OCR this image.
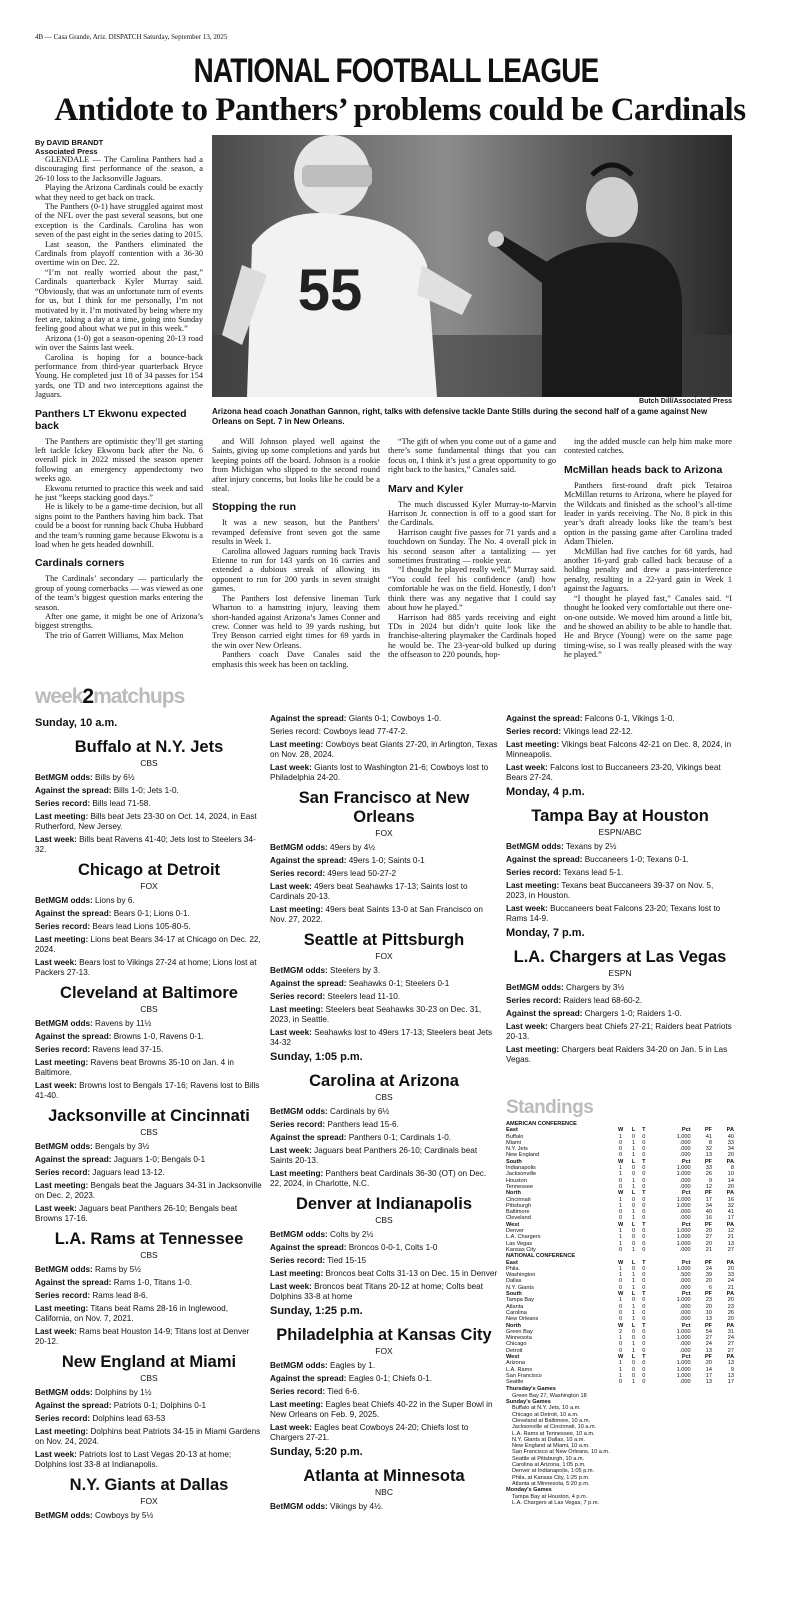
4B — Casa Grande, Ariz. DISPATCH Saturday, September 13, 2025
NATIONAL FOOTBALL LEAGUE
Antidote to Panthers’ problems could be Cardinals
By DAVID BRANDT
Associated Press

GLENDALE — The Carolina Panthers had a discouraging first performance of the season, a 26-10 loss to the Jacksonville Jaguars.

Playing the Arizona Cardinals could be exactly what they need to get back on track.

The Panthers (0-1) have struggled against most of the NFL over the past several seasons, but one exception is the Cardinals. Carolina has won seven of the past eight in the series dating to 2015.

Last season, the Panthers eliminated the Cardinals from playoff contention with a 36-30 overtime win on Dec. 22.

“I’m not really worried about the past,” Cardinals quarterback Kyler Murray said. “Obviously, that was an unfortunate turn of events for us, but I think for me personally, I’m not motivated by it. I’m motivated by being where my feet are, taking a day at a time, going into Sunday feeling good about what we put in this week.”

Arizona (1-0) got a season-opening 20-13 road win over the Saints last week.

Carolina is hoping for a bounce-back performance from third-year quarterback Bryce Young. He completed just 18 of 34 passes for 154 yards, one TD and two interceptions against the Jaguars.

Panthers LT Ekwonu expected back

The Panthers are optimistic they’ll get starting left tackle Ickey Ekwonu back after the No. 6 overall pick in 2022 missed the season opener following an emergency appendectomy two weeks ago.

Ekwonu returned to practice this week and said he just “keeps stacking good days.”

He is likely to be a game-time decision, but all signs point to the Panthers having him back. That could be a boost for running back Chuba Hubbard and the team’s running game because Ekwonu is a load when he gets headed downhill.

Cardinals corners

The Cardinals’ secondary — particularly the group of young cornerbacks — was viewed as one of the team’s biggest question marks entering the season.

After one game, it might be one of Arizona’s biggest strengths.

The trio of Garrett Williams, Max Melton

and Will Johnson played well against the Saints, giving up some completions and yards but keeping points off the board. Johnson is a rookie from Michigan who slipped to the second round after injury concerns, but looks like he could be a steal.

Stopping the run

It was a new season, but the Panthers’ revamped defensive front seven got the same results in Week 1.

Carolina allowed Jaguars running back Travis Etienne to run for 143 yards on 16 carries and extended a dubious streak of allowing its opponent to run for 200 yards in seven straight games.

The Panthers lost defensive lineman Turk Wharton to a hamstring injury, leaving them short-handed against Arizona’s James Conner and crew. Conner was held to 39 yards rushing, but Trey Benson carried eight times for 69 yards in the win over New Orleans.

Panthers coach Dave Canales said the emphasis this week has been on tackling.

“The gift of when you come out of a game and there’s some fundamental things that you can focus on, I think it’s just a great opportunity to go right back to the basics,” Canales said.

Marv and Kyler

The much discussed Kyler Murray-to-Marvin Harrison Jr. connection is off to a good start for the Cardinals.

Harrison caught five passes for 71 yards and a touchdown on Sunday. The No. 4 overall pick in his second season after a tantalizing — yet sometimes frustrating — rookie year.

“I thought he played really well,” Murray said. “You could feel his confidence (and) how comfortable he was on the field. Honestly, I don’t think there was any negative that I could say about how he played.”

Harrison had 885 yards receiving and eight TDs in 2024 but didn’t quite look like the franchise-altering playmaker the Cardinals hoped he would be. The 23-year-old bulked up during the offseason to 220 pounds, hop-

ing the added muscle can help him make more contested catches.

McMillan heads back to Arizona

Panthers first-round draft pick Tetairoa McMillan returns to Arizona, where he played for the Wildcats and finished as the school’s all-time leader in yards receiving. The No. 8 pick in this year’s draft already looks like the team’s best option in the passing game after Carolina traded Adam Thielen.

McMillan had five catches for 68 yards, had another 16-yard grab called back because of a holding penalty and drew a pass-interference penalty, resulting in a 22-yard gain in Week 1 against the Jaguars.

“I thought he played fast,” Canales said. “I thought he looked very comfortable out there one-on-one outside. We moved him around a little bit, and he showed an ability to be able to handle that. He and Bryce (Young) were on the same page timing-wise, so I was really pleased with the way he played.”

55
Butch Dill/Associated Press
Arizona head coach Jonathan Gannon, right, talks with defensive tackle Dante Stills during the second half of a game against New Orleans on Sept. 7 in New Orleans.
week2matchups
Sunday, 10 a.m.
Buffalo at N.Y. Jets
CBS
BetMGM odds: Bills by 6½
Against the spread: Bills 1-0; Jets 1-0.
Series record: Bills lead 71-58.
Last meeting: Bills beat Jets 23-30 on Oct. 14, 2024, in East Rutherford, New Jersey.
Last week: Bills beat Ravens 41-40; Jets lost to Steelers 34-32.
Chicago at Detroit
FOX
BetMGM odds: Lions by 6.
Against the spread: Bears 0-1; Lions 0-1.
Series record: Bears lead Lions 105-80-5.
Last meeting: Lions beat Bears 34-17 at Chicago on Dec. 22, 2024.
Last week: Bears lost to Vikings 27-24 at home; Lions lost at Packers 27-13.
Cleveland at Baltimore
CBS
BetMGM odds: Ravens by 11½
Against the spread: Browns 1-0, Ravens 0-1.
Series record: Ravens lead 37-15.
Last meeting: Ravens beat Browns 35-10 on Jan. 4 in Baltimore.
Last week: Browns lost to Bengals 17-16; Ravens lost to Bills 41-40.
Jacksonville at Cincinnati
CBS
BetMGM odds: Bengals by 3½
Against the spread: Jaguars 1-0; Bengals 0-1
Series record: Jaguars lead 13-12.
Last meeting: Bengals beat the Jaguars 34-31 in Jacksonville on Dec. 2, 2023.
Last week: Jaguars beat Panthers 26-10; Bengals beat Browns 17-16.
L.A. Rams at Tennessee
CBS
BetMGM odds: Rams by 5½
Against the spread: Rams 1-0, Titans 1-0.
Series record: Rams lead 8-6.
Last meeting: Titans beat Rams 28-16 in Inglewood, California, on Nov. 7, 2021.
Last week: Rams beat Houston 14-9; Titans lost at Denver 20-12.
New England at Miami
CBS
BetMGM odds: Dolphins by 1½
Against the spread: Patriots 0-1; Dolphins 0-1
Series record: Dolphins lead 63-53
Last meeting: Dolphins beat Patriots 34-15 in Miami Gardens on Nov. 24, 2024.
Last week: Patriots lost to Last Vegas 20-13 at home; Dolphins lost 33-8 at Indianapolis.
N.Y. Giants at Dallas
FOX
BetMGM odds: Cowboys by 5½
Against the spread: Giants 0-1; Cowboys 1-0.
Series record: Cowboys lead 77-47-2.
Last meeting: Cowboys beat Giants 27-20, in Arlington, Texas on Nov. 28, 2024.
Last week: Giants lost to Washington 21-6; Cowboys lost to Philadelphia 24-20.
San Francisco at New Orleans
FOX
BetMGM odds: 49ers by 4½
Against the spread: 49ers 1-0; Saints 0-1
Series record: 49ers lead 50-27-2
Last week: 49ers beat Seahawks 17-13; Saints lost to Cardinals 20-13.
Last meeting: 49ers beat Saints 13-0 at San Francisco on Nov. 27, 2022.
Seattle at Pittsburgh
FOX
BetMGM odds: Steelers by 3.
Against the spread: Seahawks 0-1; Steelers 0-1
Series record: Steelers lead 11-10.
Last meeting: Steelers beat Seahawks 30-23 on Dec. 31, 2023, in Seattle.
Last week: Seahawks lost to 49ers 17-13; Steelers beat Jets 34-32
Sunday, 1:05 p.m.
Carolina at Arizona
CBS
BetMGM odds: Cardinals by 6½
Series record: Panthers lead 15-6.
Against the spread: Panthers 0-1; Cardinals 1-0.
Last week: Jaguars beat Panthers 26-10; Cardinals beat Saints 20-13.
Last meeting: Panthers beat Cardinals 36-30 (OT) on Dec. 22, 2024, in Charlotte, N.C.
Denver at Indianapolis
CBS
BetMGM odds: Colts by 2½
Against the spread: Broncos 0-0-1, Colts 1-0
Series record: Tied 15-15
Last meeting: Broncos beat Colts 31-13 on Dec. 15 in Denver
Last week: Broncos beat Titans 20-12 at home; Colts beat Dolphins 33-8 at home
Sunday, 1:25 p.m.
Philadelphia at Kansas City
FOX
BetMGM odds: Eagles by 1.
Against the spread: Eagles 0-1; Chiefs 0-1.
Series record: Tied 6-6.
Last meeting: Eagles beat Chiefs 40-22 in the Super Bowl in New Orleans on Feb. 9, 2025.
Last week: Eagles beat Cowboys 24-20; Chiefs lost to Chargers 27-21.
Sunday, 5:20 p.m.
Atlanta at Minnesota
NBC
BetMGM odds: Vikings by 4½.
Against the spread: Falcons 0-1, Vikings 1-0.
Series record: Vikings lead 22-12.
Last meeting: Vikings beat Falcons 42-21 on Dec. 8, 2024, in Minneapolis.
Last week: Falcons lost to Buccaneers 23-20, Vikings beat Bears 27-24.
Monday, 4 p.m.
Tampa Bay at Houston
ESPN/ABC
BetMGM odds: Texans by 2½
Against the spread: Buccaneers 1-0; Texans 0-1.
Series record: Texans lead 5-1.
Last meeting: Texans beat Buccaneers 39-37 on Nov. 5, 2023, in Houston.
Last week: Buccaneers beat Falcons 23-20; Texans lost to Rams 14-9.
Monday, 7 p.m.
L.A. Chargers at Las Vegas
ESPN
BetMGM odds: Chargers by 3½
Series record: Raiders lead 68-60-2.
Against the spread: Chargers 1-0; Raiders 1-0.
Last week: Chargers beat Chiefs 27-21; Raiders beat Patriots 20-13.
Last meeting: Chargers beat Raiders 34-20 on Jan. 5 in Las Vegas.
Standings
AMERICAN CONFERENCE						
East	W	L	T	Pct	PF	PA
Buffalo	1	0	0	1.000	41	40
Miami	0	1	0	.000	8	33
N.Y. Jets	0	1	0	.000	32	34
New England	0	1	0	.000	13	20
South	W	L	T	Pct	PF	PA
Indianapolis	1	0	0	1.000	33	8
Jacksonville	1	0	0	1.000	26	10
Houston	0	1	0	.000	9	14
Tennessee	0	1	0	.000	12	20
North	W	L	T	Pct	PF	PA
Cincinnati	1	0	0	1.000	17	16
Pittsburgh	1	0	0	1.000	34	32
Baltimore	0	1	0	.000	40	41
Cleveland	0	1	0	.000	16	17
West	W	L	T	Pct	PF	PA
Denver	1	0	0	1.000	20	12
L.A. Chargers	1	0	0	1.000	27	21
Las Vegas	1	0	0	1.000	20	13
Kansas City	0	1	0	.000	21	27
NATIONAL CONFERENCE						
East	W	L	T	Pct	PF	PA
Phila.	1	0	0	1.000	24	20
Washington	1	1	0	.500	39	33
Dallas	0	1	0	.000	20	24
N.Y. Giants	0	1	0	.000	6	21
South	W	L	T	Pct	PF	PA
Tampa Bay	1	0	0	1.000	23	20
Atlanta	0	1	0	.000	20	23
Carolina	0	1	0	.000	10	26
New Orleans	0	1	0	.000	13	20
North	W	L	T	Pct	PF	PA
Green Bay	2	0	0	1.000	54	31
Minnesota	1	0	0	1.000	27	24
Chicago	0	1	0	.000	24	27
Detroit	0	1	0	.000	13	27
West	W	L	T	Pct	PF	PA
Arizona	1	0	0	1.000	20	13
L.A. Rams	1	0	0	1.000	14	9
San Francisco	1	0	0	1.000	17	13
Seattle	0	1	0	.000	13	17
Thursday's Games
Green Bay 27, Washington 18
Sunday's Games
Buffalo at N.Y. Jets, 10 a.m.
Chicago at Detroit, 10 a.m.
Cleveland at Baltimore, 10 a.m.
Jacksonville at Cincinnati, 10 a.m.
L.A. Rams at Tennessee, 10 a.m.
N.Y. Giants at Dallas, 10 a.m.
New England at Miami, 10 a.m.
San Francisco at New Orleans, 10 a.m.
Seattle at Pittsburgh, 10 a.m.
Carolina at Arizona, 1:05 p.m.
Denver at Indianapolis, 1:05 p.m.
Phila. at Kansas City, 1:25 p.m.
Atlanta at Minnesota, 5:20 p.m.
Monday's Games
Tampa Bay at Houston, 4 p.m.
L.A. Chargers at Las Vegas, 7 p.m.
